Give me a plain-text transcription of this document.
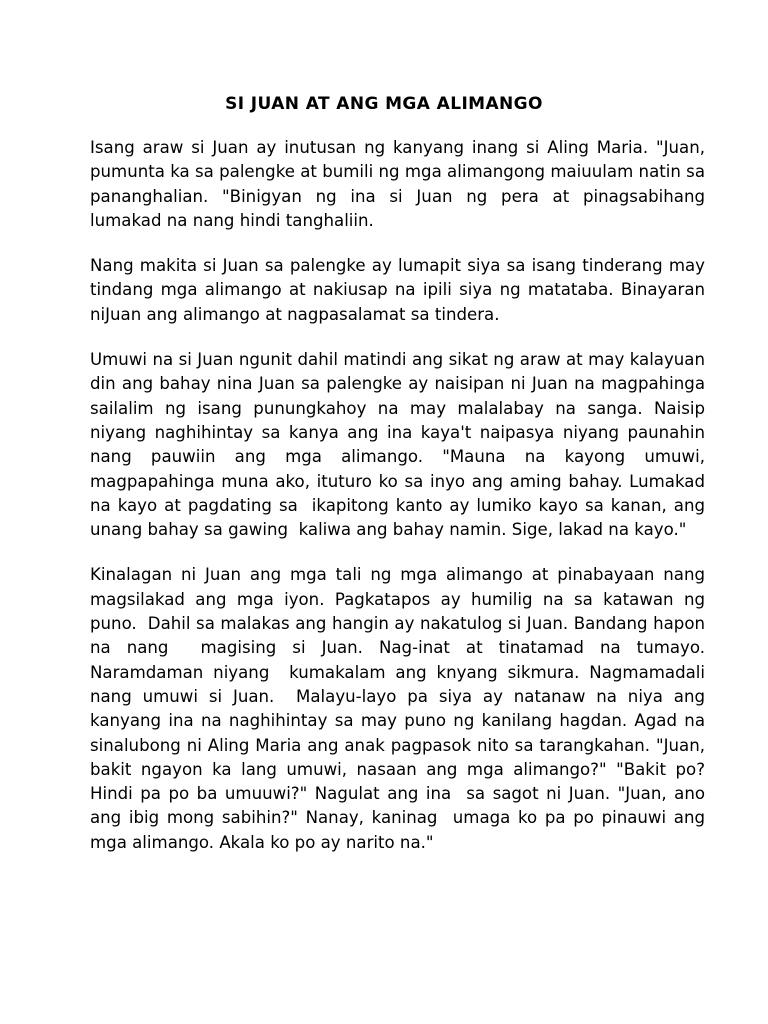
SI JUAN AT ANG MGA ALIMANGO

Isang araw si Juan ay inutusan ng kanyang inang si Aling Maria. "Juan, pumunta ka sa palengke at bumili ng mga alimangong maiuulam natin sa pananghalian. "Binigyan ng ina si Juan ng pera at pinagsabihang lumakad na nang hindi tanghaliin.

Nang makita si Juan sa palengke ay lumapit siya sa isang tinderang may tindang mga alimango at nakiusap na ipili siya ng matataba. Binayaran niJuan ang alimango at nagpasalamat sa tindera.

Umuwi na si Juan ngunit dahil matindi ang sikat ng araw at may kalayuan din ang bahay nina Juan sa palengke ay naisipan ni Juan na magpahinga sailalim ng isang punungkahoy na may malalabay na sanga. Naisip niyang naghihintay sa kanya ang ina kaya't naipasya niyang paunahin nang pauwiin ang mga alimango. "Mauna na kayong umuwi, magpapahinga muna ako, ituturo ko sa inyo ang aming bahay. Lumakad na kayo at pagdating sa  ikapitong kanto ay lumiko kayo sa kanan, ang unang bahay sa gawing  kaliwa ang bahay namin. Sige, lakad na kayo."

Kinalagan ni Juan ang mga tali ng mga alimango at pinabayaan nang magsilakad ang mga iyon. Pagkatapos ay humilig na sa katawan ng puno.  Dahil sa malakas ang hangin ay nakatulog si Juan. Bandang hapon na nang  magising si Juan. Nag-inat at tinatamad na tumayo. Naramdaman niyang  kumakalam ang knyang sikmura. Nagmamadali nang umuwi si Juan.  Malayu-layo pa siya ay natanaw na niya ang kanyang ina na naghihintay sa may puno ng kanilang hagdan. Agad na sinalubong ni Aling Maria ang anak pagpasok nito sa tarangkahan. "Juan, bakit ngayon ka lang umuwi, nasaan ang mga alimango?" "Bakit po? Hindi pa po ba umuuwi?" Nagulat ang ina  sa sagot ni Juan. "Juan, ano ang ibig mong sabihin?" Nanay, kaninag  umaga ko pa po pinauwi ang mga alimango. Akala ko po ay narito na."
